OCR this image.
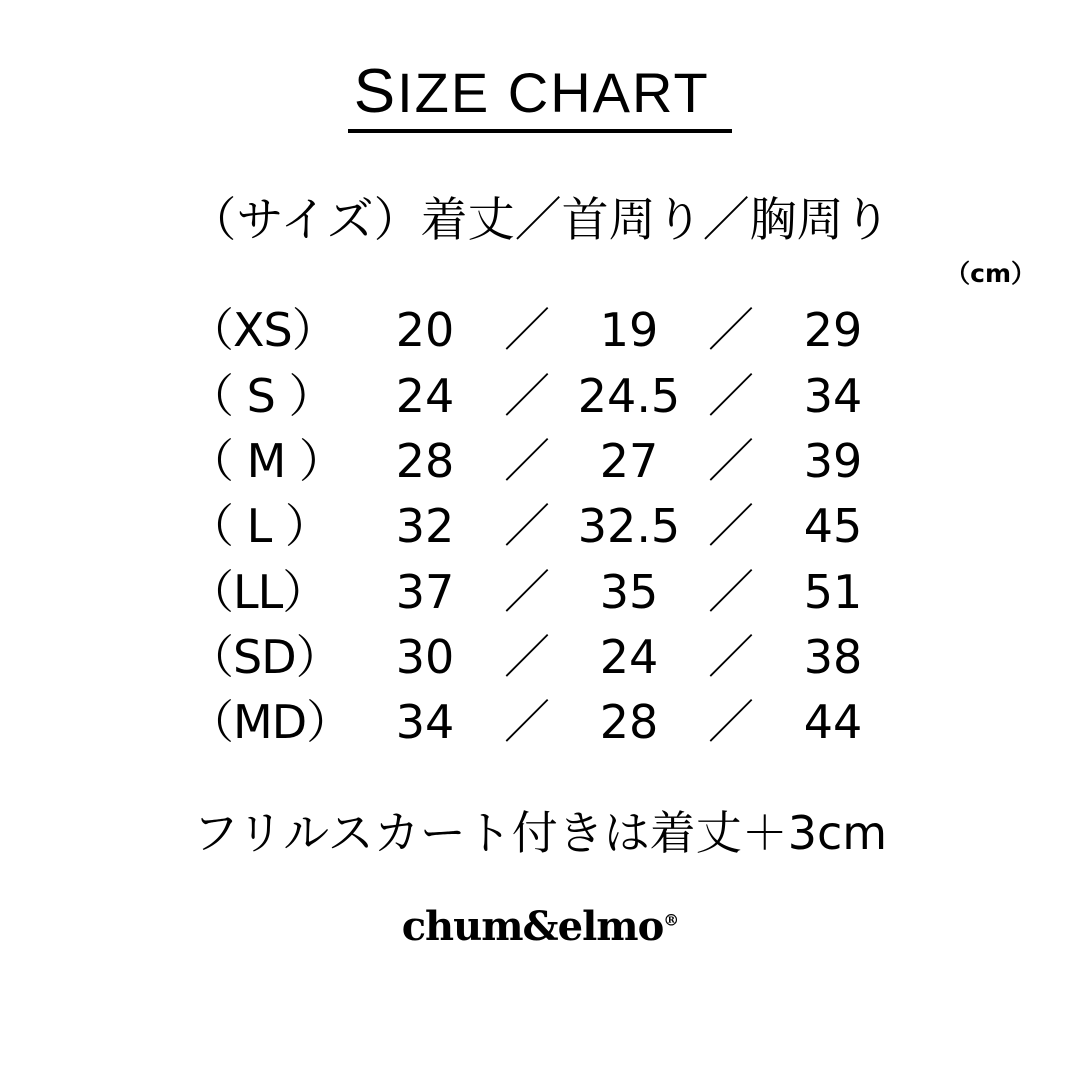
SIZE CHART
（サイズ）着丈／首周り／胸周り
（cm）
（XS）	20	／	19	／	29
（ S ）	24	／ 24.5 ／	34
（ M ）	28	／	27	／	39
（ L ）	32	／ 32.5 ／	45
（LL）	37	／	35	／	51
（SD）	30	／	24	／	38
（MD） 34	／	28	／	44
フリルスカート付きは着丈＋3cm
chum&elmo®
